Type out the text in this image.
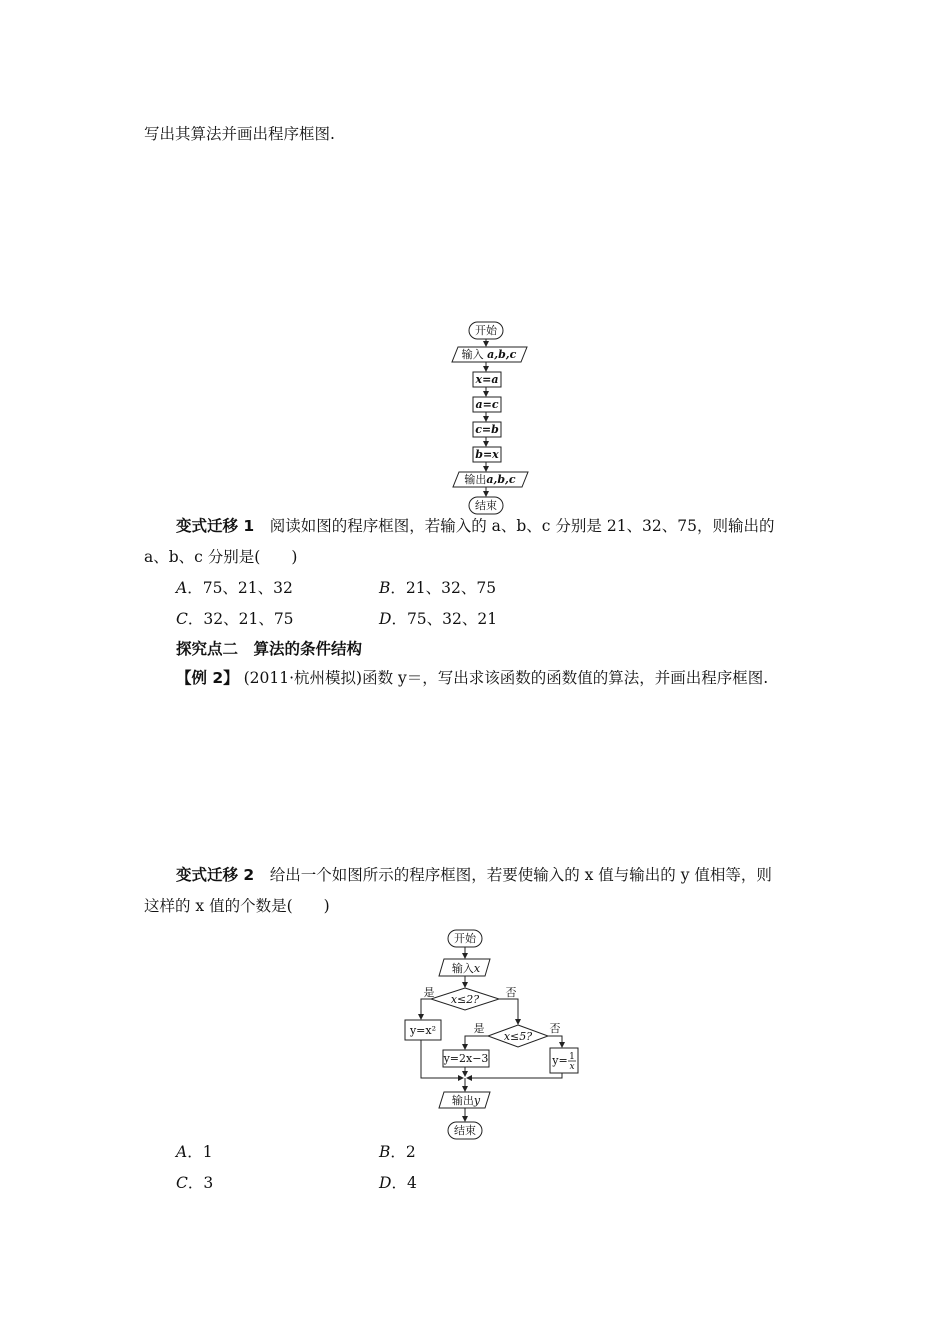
写出其算法并画出程序框图.
开始
输入 a,b,c
x=a
a=c
c=b
b=x
输出a,b,c
结束
变式迁移 1　 阅读如图的程序框图，若输入的 a、b、c 分别是 21、32、75，则输出的
a、b、c 分别是(　　)
A．75、21、32	B．21、32、75
C．32、21、75	D．75、32、21
探究点二　算法的条件结构
【例 2】 (2011·杭州模拟)函数 y＝，写出求该函数的函数值的算法，并画出程序框图.
变式迁移 2　 给出一个如图所示的程序框图，若要使输入的 x 值与输出的 y 值相等，则
这样的 x 值的个数是(　　)
开始
输入x
x≤2?
是	否
y=x²	x≤5?
是	否
y=2x−3	y= 1
x
输出y
结束
A．1	B．2
C．3	D．4
